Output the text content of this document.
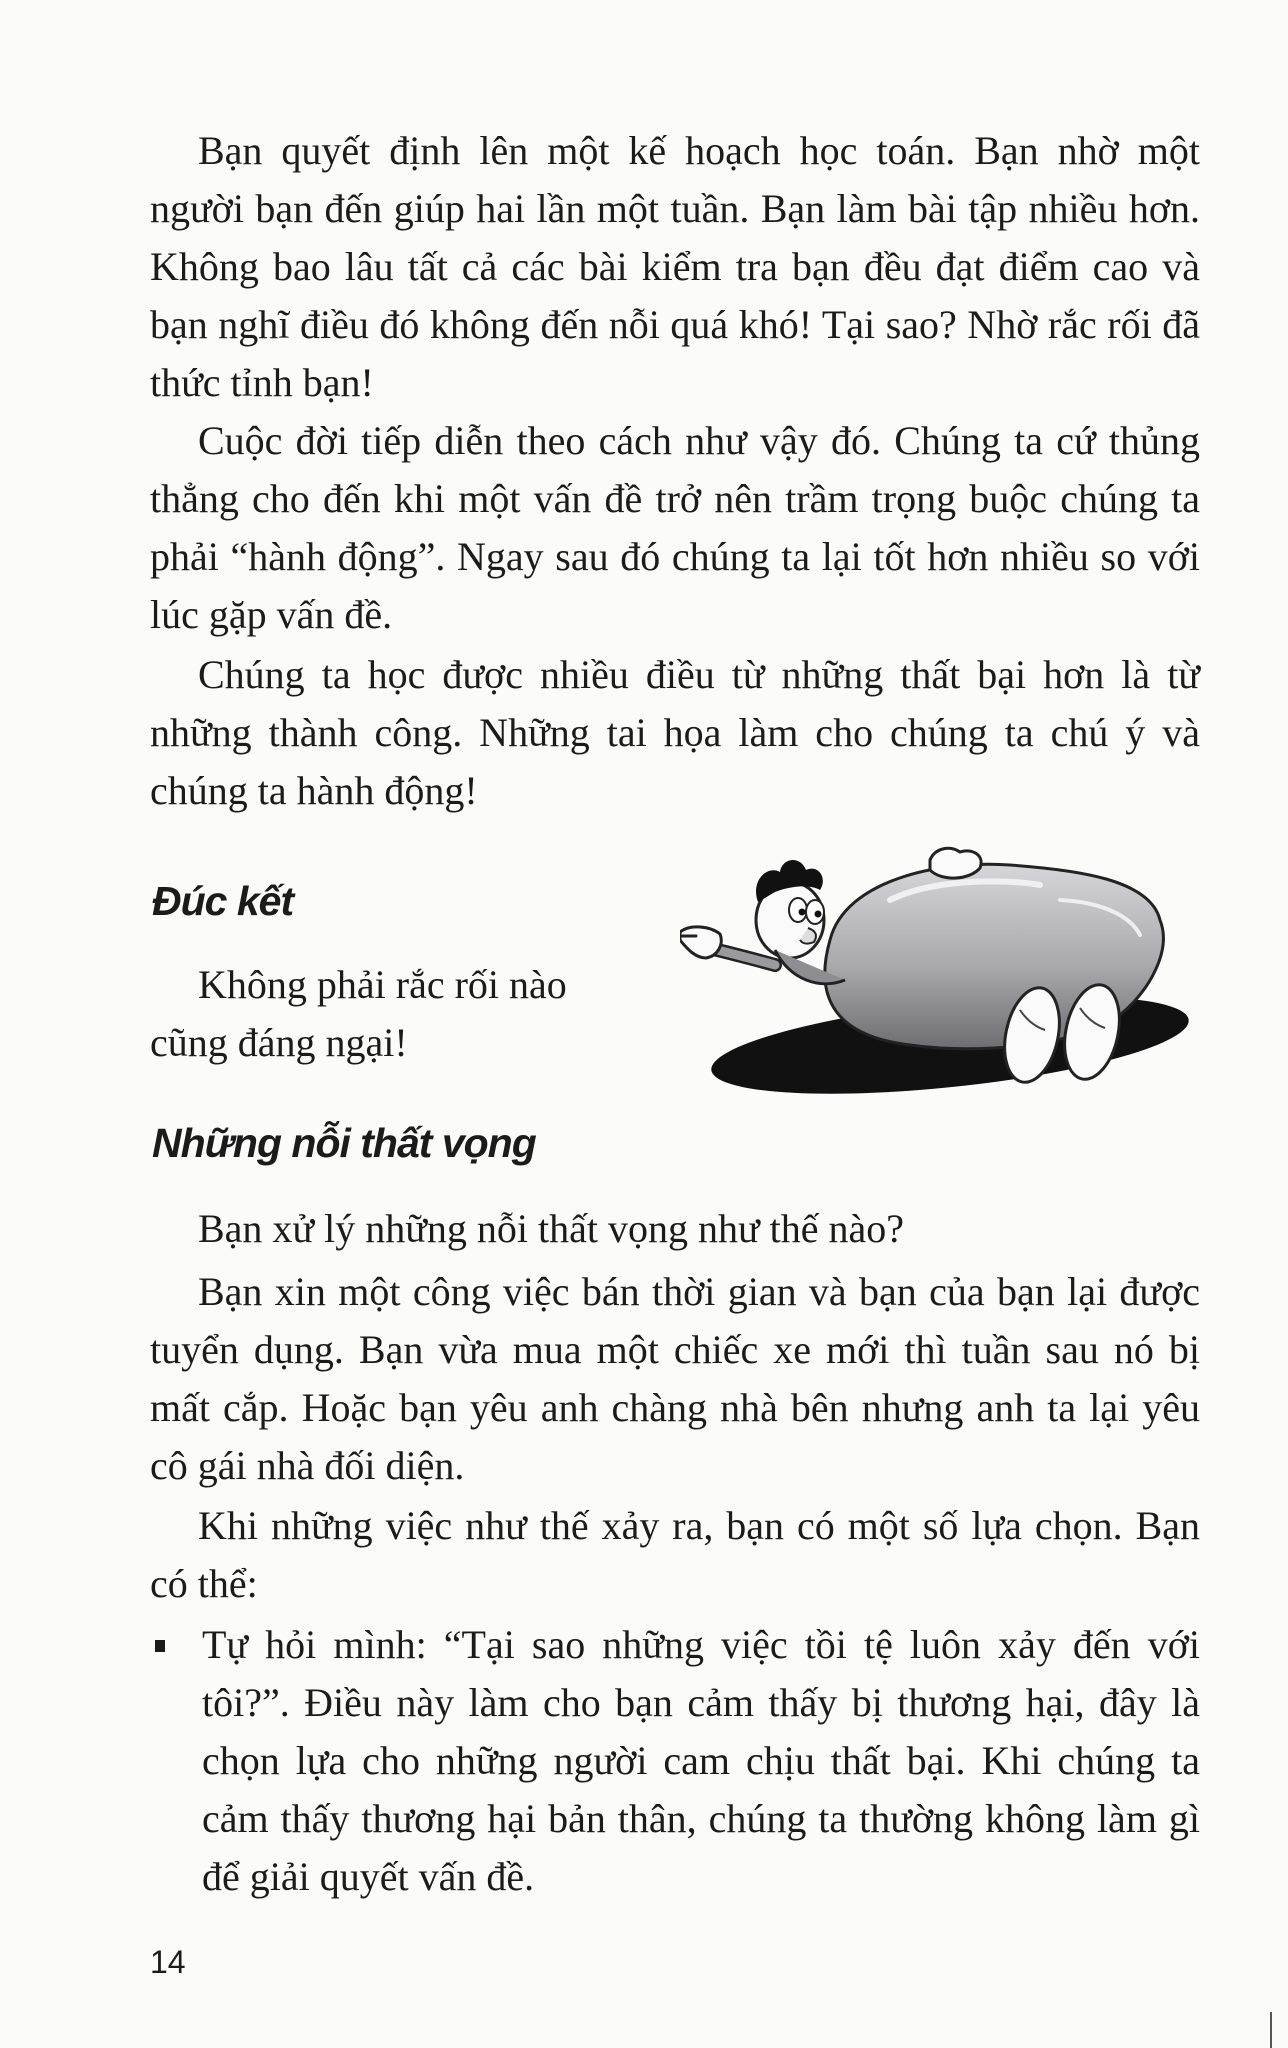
Bạn quyết định lên một kế hoạch học toán. Bạn nhờ một người bạn đến giúp hai lần một tuần. Bạn làm bài tập nhiều hơn. Không bao lâu tất cả các bài kiểm tra bạn đều đạt điểm cao và bạn nghĩ điều đó không đến nỗi quá khó! Tại sao? Nhờ rắc rối đã thức tỉnh bạn!

Cuộc đời tiếp diễn theo cách như vậy đó. Chúng ta cứ thủng thẳng cho đến khi một vấn đề trở nên trầm trọng buộc chúng ta phải “hành động”. Ngay sau đó chúng ta lại tốt hơn nhiều so với lúc gặp vấn đề.

Chúng ta học được nhiều điều từ những thất bại hơn là từ những thành công. Những tai họa làm cho chúng ta chú ý và chúng ta hành động!

Đúc kết

Không phải rắc rối nào cũng đáng ngại!

Những nỗi thất vọng

Bạn xử lý những nỗi thất vọng như thế nào?

Bạn xin một công việc bán thời gian và bạn của bạn lại được tuyển dụng. Bạn vừa mua một chiếc xe mới thì tuần sau nó bị mất cắp. Hoặc bạn yêu anh chàng nhà bên nhưng anh ta lại yêu cô gái nhà đối diện.

Khi những việc như thế xảy ra, bạn có một số lựa chọn. Bạn có thể:

Tự hỏi mình: “Tại sao những việc tồi tệ luôn xảy đến với tôi?”. Điều này làm cho bạn cảm thấy bị thương hại, đây là chọn lựa cho những người cam chịu thất bại. Khi chúng ta cảm thấy thương hại bản thân, chúng ta thường không làm gì để giải quyết vấn đề.

14
